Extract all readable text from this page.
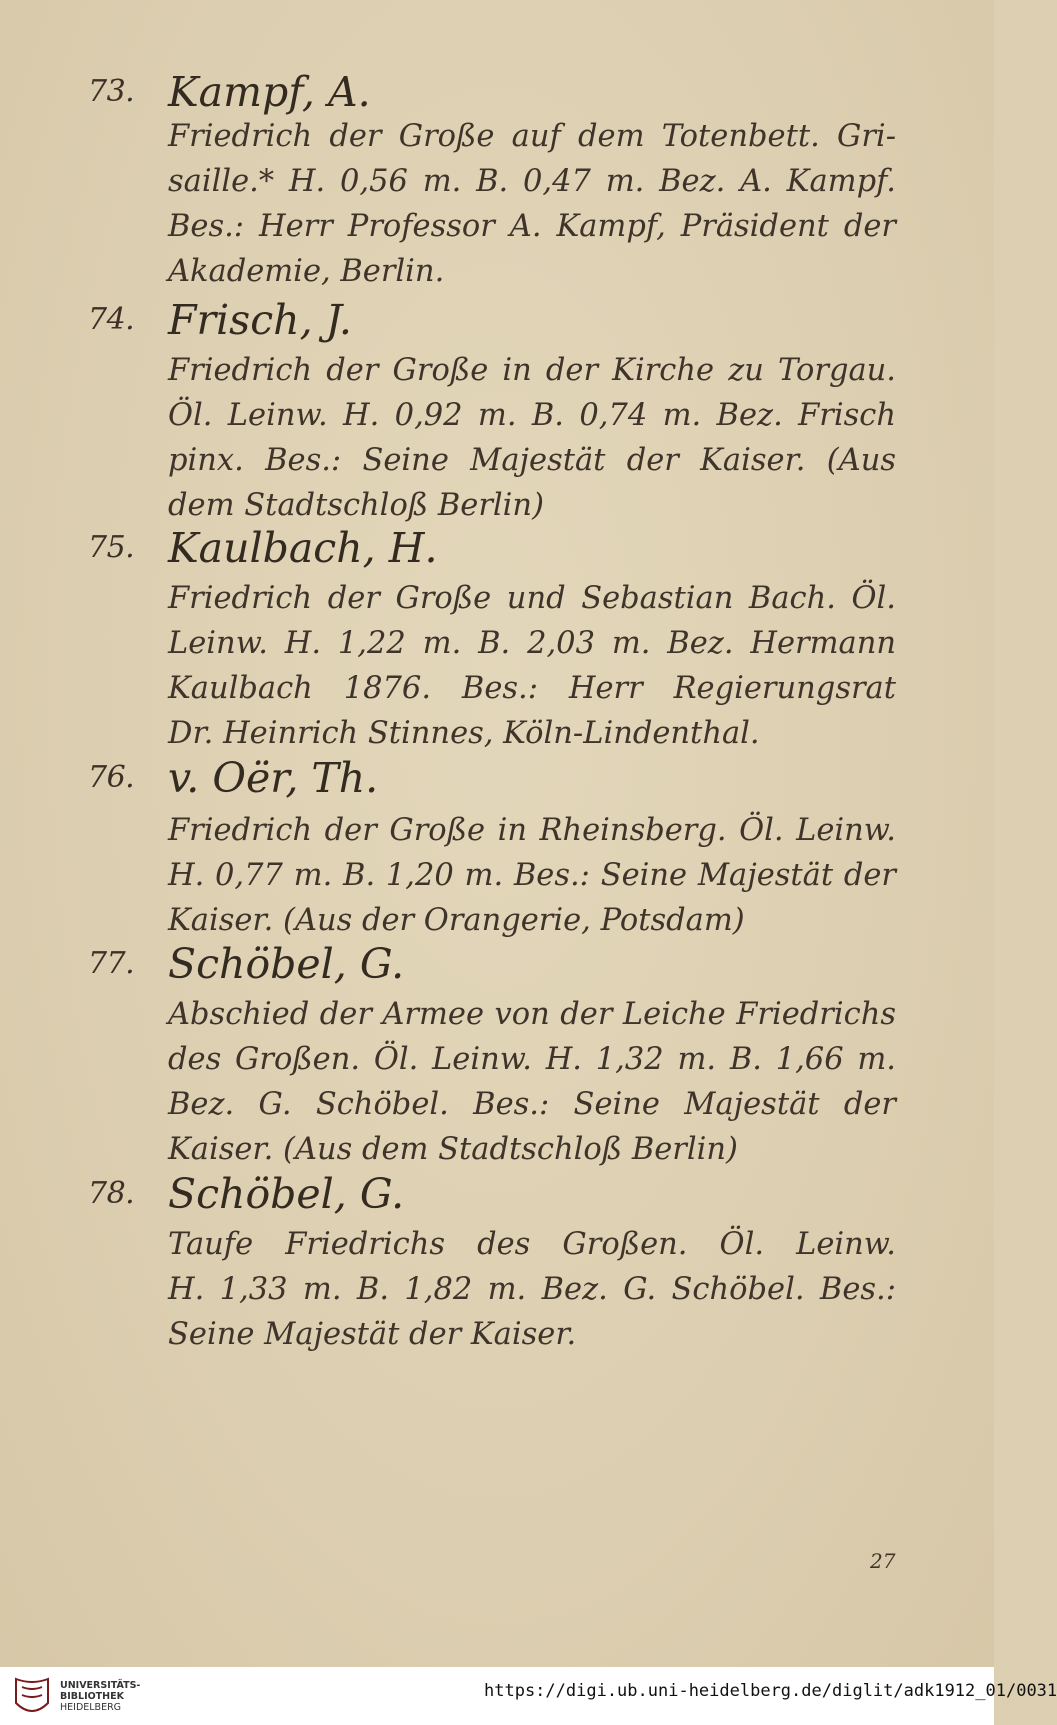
73. Kampf, A.
Friedrich der Große auf dem Totenbett. Gri-
saille.* H. 0,56 m. B. 0,47 m. Bez. A. Kampf.
Bes.: Herr Professor A. Kampf, Präsident der
Akademie, Berlin.
74. Frisch, J.
Friedrich der Große in der Kirche zu Torgau.
Öl. Leinw. H. 0,92 m. B. 0,74 m. Bez. Frisch
pinx. Bes.: Seine Majestät der Kaiser. (Aus
dem Stadtschloß Berlin)
75. Kaulbach, H.
Friedrich der Große und Sebastian Bach. Öl.
Leinw. H. 1,22 m. B. 2,03 m. Bez. Hermann
Kaulbach 1876. Bes.: Herr Regierungsrat
Dr. Heinrich Stinnes, Köln-Lindenthal.
76. v. Oër, Th.
Friedrich der Große in Rheinsberg. Öl. Leinw.
H. 0,77 m. B. 1,20 m. Bes.: Seine Majestät der
Kaiser. (Aus der Orangerie, Potsdam)
77. Schöbel, G.
Abschied der Armee von der Leiche Friedrichs
des Großen. Öl. Leinw. H. 1,32 m. B. 1,66 m.
Bez. G. Schöbel. Bes.: Seine Majestät der
Kaiser. (Aus dem Stadtschloß Berlin)
78. Schöbel, G.
Taufe Friedrichs des Großen. Öl. Leinw.
H. 1,33 m. B. 1,82 m. Bez. G. Schöbel. Bes.:
Seine Majestät der Kaiser.
27
UNIVERSITÄTS-
BIBLIOTHEK
HEIDELBERG
https://digi.ub.uni-heidelberg.de/diglit/adk1912_01/0031
